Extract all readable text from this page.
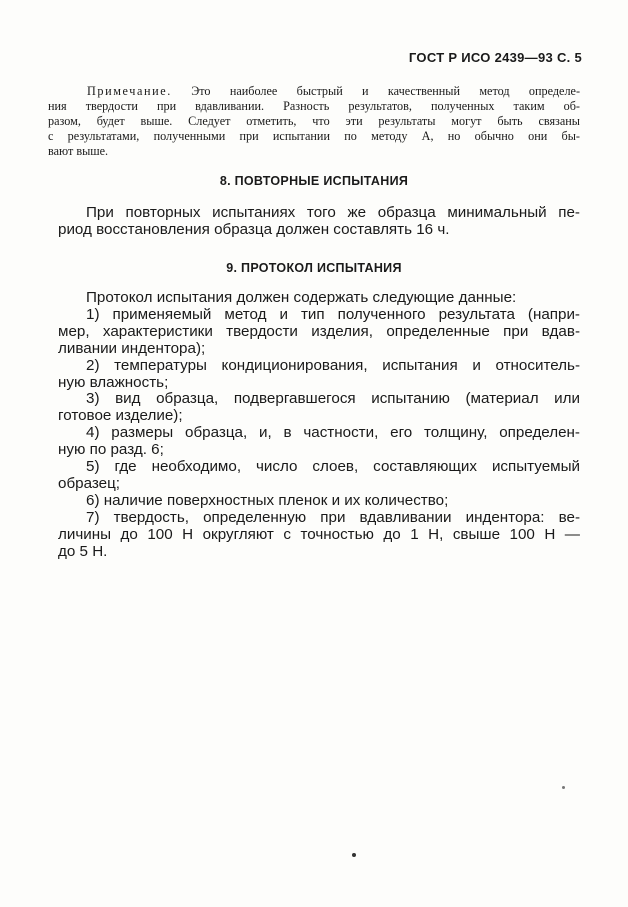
ГОСТ Р ИСО 2439—93 С. 5
Примечание. Это наиболее быстрый и качественный метод определе-
ния твердости при вдавливании. Разность результатов, полученных таким об-
разом, будет выше. Следует отметить, что эти результаты могут быть связаны
с результатами, полученными при испытании по методу А, но обычно они бы-
вают выше.
8. ПОВТОРНЫЕ ИСПЫТАНИЯ
При повторных испытаниях того же образца минимальный пе-
риод восстановления образца должен составлять 16 ч.
9. ПРОТОКОЛ ИСПЫТАНИЯ
Протокол испытания должен содержать следующие данные:
1) применяемый метод и тип полученного результата (напри-
мер, характеристики твердости изделия, определенные при вдав-
ливании индентора);
2) температуры кондиционирования, испытания и относитель-
ную влажность;
3) вид образца, подвергавшегося испытанию (материал или
готовое изделие);
4) размеры образца, и, в частности, его толщину, определен-
ную по разд. 6;
5) где необходимо, число слоев, составляющих испытуемый
образец;
6) наличие поверхностных пленок и их количество;
7) твердость, определенную при вдавливании индентора: ве-
личины до 100 Н округляют с точностью до 1 Н, свыше 100 Н —
до 5 Н.
